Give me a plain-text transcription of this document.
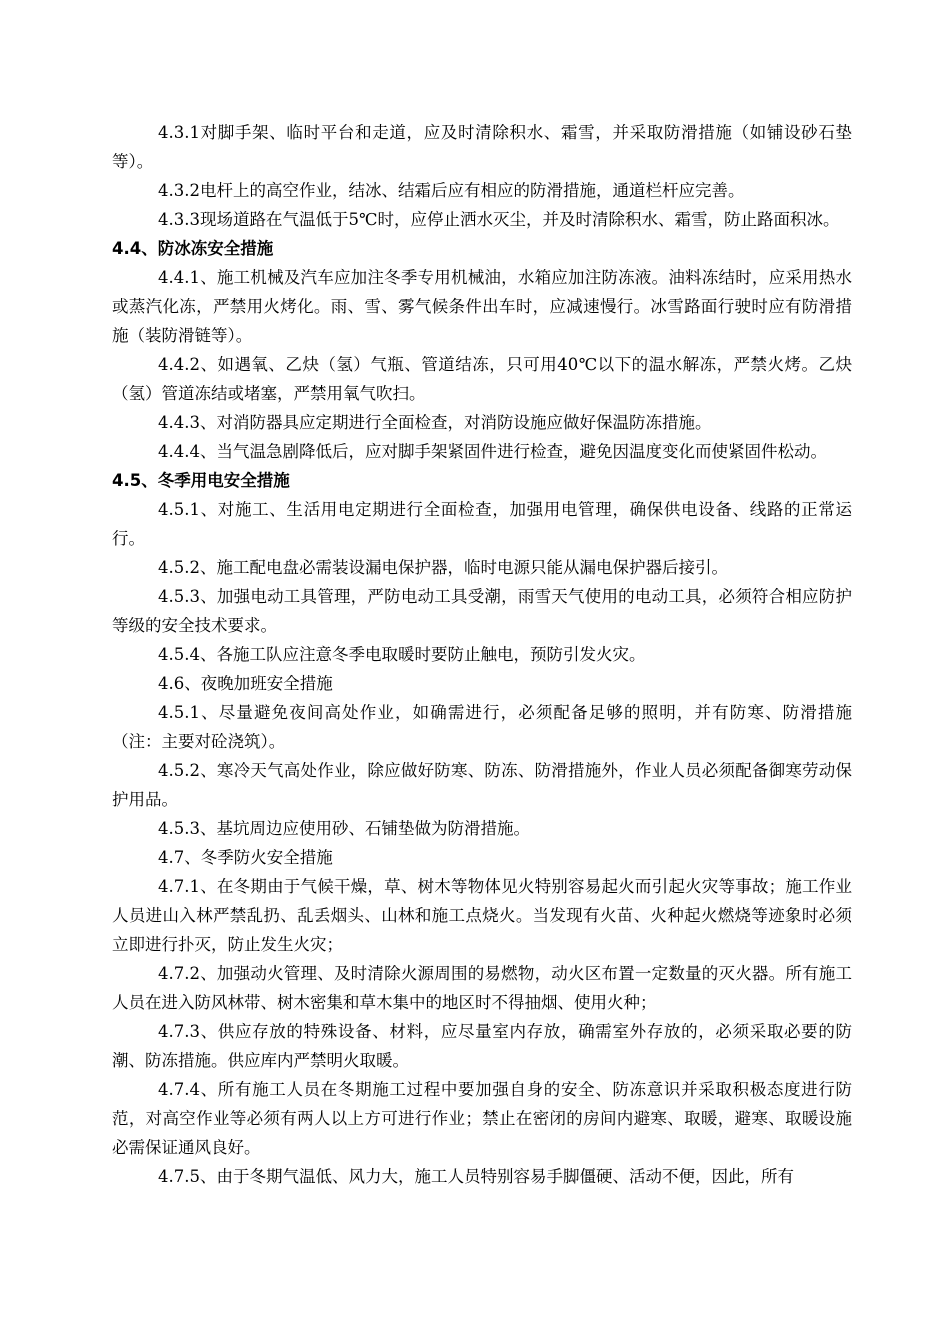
4.3.1对脚手架、临时平台和走道，应及时清除积水、霜雪，并采取防滑措施（如铺设砂石垫等）。

4.3.2电杆上的高空作业，结冰、结霜后应有相应的防滑措施，通道栏杆应完善。

4.3.3现场道路在气温低于5℃时，应停止洒水灭尘，并及时清除积水、霜雪，防止路面积冰。

4.4、防冰冻安全措施

4.4.1、施工机械及汽车应加注冬季专用机械油，水箱应加注防冻液。油料冻结时，应采用热水或蒸汽化冻，严禁用火烤化。雨、雪、雾气候条件出车时，应减速慢行。冰雪路面行驶时应有防滑措施（装防滑链等）。

4.4.2、如遇氧、乙炔（氢）气瓶、管道结冻，只可用40℃以下的温水解冻，严禁火烤。乙炔（氢）管道冻结或堵塞，严禁用氧气吹扫。

4.4.3、对消防器具应定期进行全面检查，对消防设施应做好保温防冻措施。

4.4.4、当气温急剧降低后，应对脚手架紧固件进行检查，避免因温度变化而使紧固件松动。

4.5、冬季用电安全措施

4.5.1、对施工、生活用电定期进行全面检查，加强用电管理，确保供电设备、线路的正常运行。

4.5.2、施工配电盘必需装设漏电保护器，临时电源只能从漏电保护器后接引。

4.5.3、加强电动工具管理，严防电动工具受潮，雨雪天气使用的电动工具，必须符合相应防护等级的安全技术要求。

4.5.4、各施工队应注意冬季电取暖时要防止触电，预防引发火灾。

4.6、夜晚加班安全措施

4.5.1、尽量避免夜间高处作业，如确需进行，必须配备足够的照明，并有防寒、防滑措施（注：主要对砼浇筑）。

4.5.2、寒冷天气高处作业，除应做好防寒、防冻、防滑措施外，作业人员必须配备御寒劳动保护用品。

4.5.3、基坑周边应使用砂、石铺垫做为防滑措施。

4.7、冬季防火安全措施

4.7.1、在冬期由于气候干燥，草、树木等物体见火特别容易起火而引起火灾等事故；施工作业人员进山入林严禁乱扔、乱丢烟头、山林和施工点烧火。当发现有火苗、火种起火燃烧等迹象时必须立即进行扑灭，防止发生火灾；

4.7.2、加强动火管理、及时清除火源周围的易燃物，动火区布置一定数量的灭火器。所有施工人员在进入防风林带、树木密集和草木集中的地区时不得抽烟、使用火种；

4.7.3、供应存放的特殊设备、材料，应尽量室内存放，确需室外存放的，必须采取必要的防潮、防冻措施。供应库内严禁明火取暖。

4.7.4、所有施工人员在冬期施工过程中要加强自身的安全、防冻意识并采取积极态度进行防范，对高空作业等必须有两人以上方可进行作业；禁止在密闭的房间内避寒、取暖，避寒、取暖设施必需保证通风良好。

4.7.5、由于冬期气温低、风力大，施工人员特别容易手脚僵硬、活动不便，因此，所有
